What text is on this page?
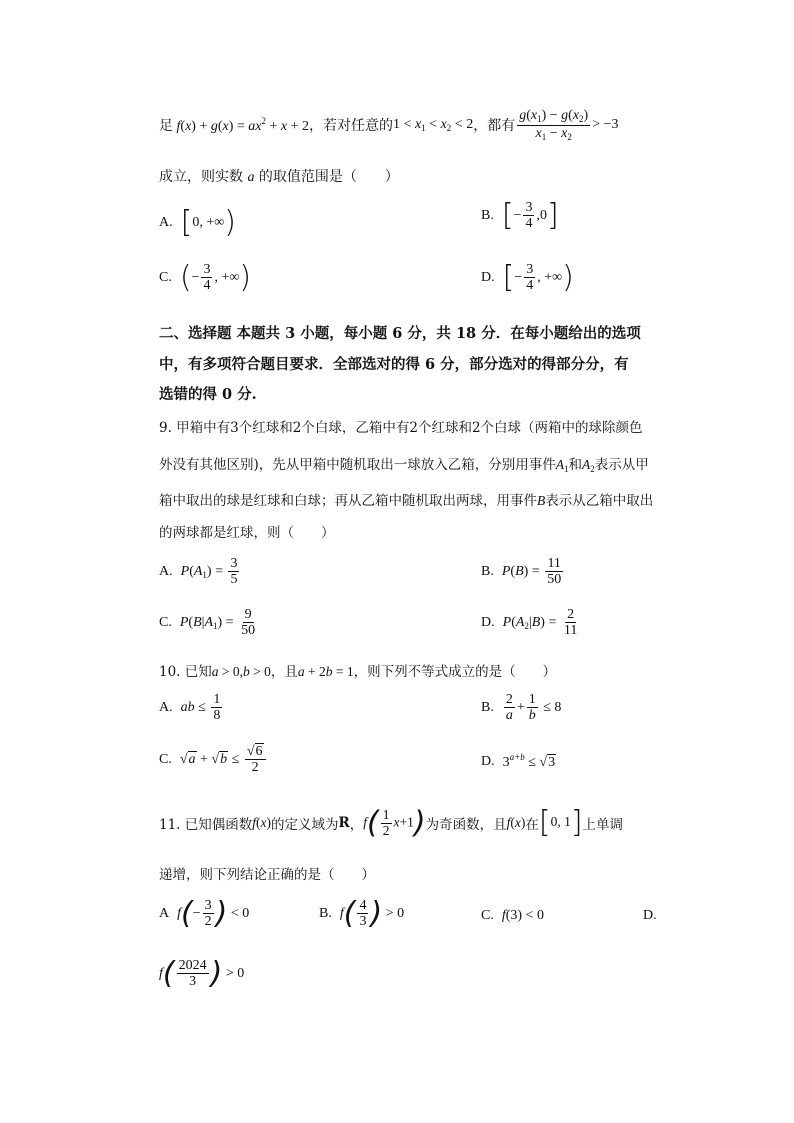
足 $f(x) + g(x) = ax^2 + x + 2$ ，若对任意的 $1 < x_1 < x_2 < 2$ ，都有 $\frac{g(x_1) - g(x_2)}{x_1 - x_2} > -3$
成立，则实数 a 的取值范围是（　　）
A. [0, +∞)	B. [− $\frac{3}{4} ,0$]
C. (− $\frac{3}{4}$ , +∞)	D. [− $\frac{3}{4}$ , +∞)
二、选择题 本题共 3 小题，每小题 6 分，共 18 分．在每小题给出的选项
中，有多项符合题目要求．全部选对的得 6 分，部分选对的得部分分，有
选错的得 0 分.
9. 甲箱中有3个红球和2个白球，乙箱中有2个红球和2个白球（两箱中的球除颜色
外没有其他区别)，先从甲箱中随机取出一球放入乙箱，分别用事件$A_1$和$A_2$表示从甲
箱中取出的球是红球和白球；再从乙箱中随机取出两球，用事件B表示从乙箱中取出
的两球都是红球，则（　　）
A. $P(A_1) = \frac{3}{5}$	B. $P(B) = \frac{11}{50}$
C. $P(B|A_1) = \frac{9}{50}$	D. $P(A_2|B) = \frac{2}{11}$
10. 已知a > 0,b > 0，且a + 2b = 1，则下列不等式成立的是（　　）
A. ab ≤ $\frac{1}{8}$	B. $\frac{2}{a} + \frac{1}{b} \le 8$
C. $√a + √b \le \frac{√6}{2}$	D. $3^{a+b} \le √3$
11. 已知偶函数 f(x) 的定义域为 R ， $f( \frac{1}{2} x+1)$ 为奇函数，且 f(x) 在 [0, 1] 上单调
递增，则下列结论正确的是（　　）
A $f(- \frac{3}{2}$ ) < 0	B. $f( \frac{4}{3}$ ) > 0	C. f(3) < 0	D.
$f( \frac{2024}{3}$ ) > 0
